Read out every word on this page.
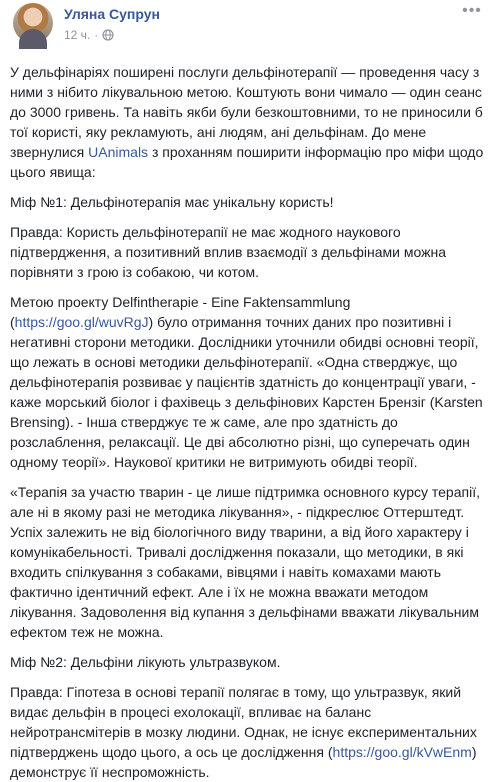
Уляна Супрун
12 ч. ·
•••

У дельфінаріях поширені послуги дельфінотерапії — проведення часу з ними з нібито лікувальною метою. Коштують вони чимало — один сеанс до 3000 гривень. Та навіть якби були безкоштовними, то не приносили б тої користі, яку рекламують, ані людям, ані дельфінам. До мене звернулися UAnimals з проханням поширити інформацію про міфи щодо цього явища:

Міф №1: Дельфінотерапія має унікальну користь!

Правда: Користь дельфінотерапії не має жодного наукового підтвердження, а позитивний вплив взаємодії з дельфінами можна порівняти з грою із собакою, чи котом.

Метою проекту Delfintherapie - Eine Faktensammlung (https://goo.gl/wuvRgJ) було отримання точних даних про позитивні і негативні сторони методики. Дослідники уточнили обидві основні теорії, що лежать в основі методики дельфінотерапії. «Одна стверджує, що дельфінотерапія розвиває у пацієнтів здатність до концентрації уваги, - каже морський біолог і фахівець з дельфінових Карстен Брензіг (Karsten Brensing). - Інша стверджує те ж саме, але про здатність до розслаблення, релаксації. Це дві абсолютно різні, що суперечать один одному теорії». Наукової критики не витримують обидві теорії.

«Терапія за участю тварин - це лише підтримка основного курсу терапії, але ні в якому разі не методика лікування», - підкреслює Оттерштедт. Успіх залежить не від біологічного виду тварини, а від його характеру і комунікабельності. Тривалі дослідження показали, що методики, в які входить спілкування з собаками, вівцями і навіть комахами мають фактично ідентичний ефект. Але і їх не можна вважати методом лікування. Задоволення від купання з дельфінами вважати лікувальним ефектом теж не можна.

Міф №2: Дельфіни лікують ультразвуком.

Правда: Гіпотеза в основі терапії полягає в тому, що ультразвук, який видає дельфін в процесі ехолокації, впливає на баланс нейротрансмітерів в мозку людини. Однак, не існує експериментальних підтверджень щодо цього, а ось це дослідження (https://goo.gl/kVwEnm) демонструє її неспроможність.
